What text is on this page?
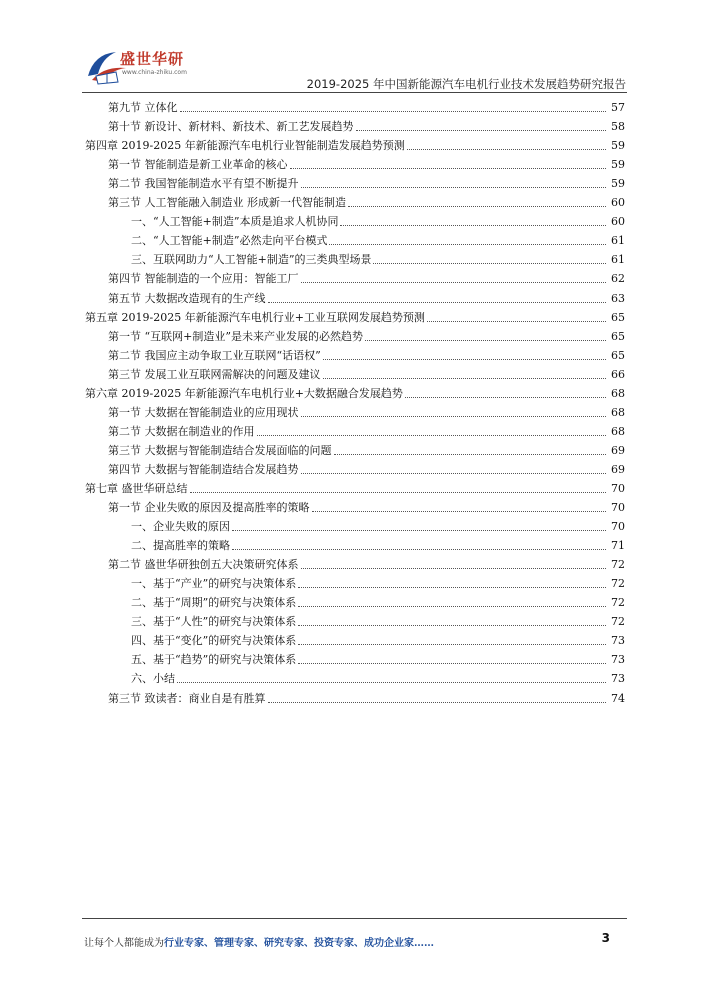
盛世华研
www.china-zhiku.com
2019-2025 年中国新能源汽车电机行业技术发展趋势研究报告
第九节 立体化	57
第十节 新设计、新材料、新技术、新工艺发展趋势	58
第四章 2019-2025 年新能源汽车电机行业智能制造发展趋势预测	59
第一节 智能制造是新工业革命的核心	59
第二节 我国智能制造水平有望不断提升	59
第三节 人工智能融入制造业 形成新一代智能制造	60
一、“人工智能+制造”本质是追求人机协同	60
二、“人工智能+制造”必然走向平台模式	61
三、互联网助力“人工智能+制造”的三类典型场景	61
第四节 智能制造的一个应用：智能工厂	62
第五节 大数据改造现有的生产线	63
第五章 2019-2025 年新能源汽车电机行业+工业互联网发展趋势预测	65
第一节 “互联网+制造业”是未来产业发展的必然趋势	65
第二节 我国应主动争取工业互联网“话语权”	65
第三节 发展工业互联网需解决的问题及建议	66
第六章 2019-2025 年新能源汽车电机行业+大数据融合发展趋势	68
第一节 大数据在智能制造业的应用现状	68
第二节 大数据在制造业的作用	68
第三节 大数据与智能制造结合发展面临的问题	69
第四节 大数据与智能制造结合发展趋势	69
第七章 盛世华研总结	70
第一节 企业失败的原因及提高胜率的策略	70
一、企业失败的原因	70
二、提高胜率的策略	71
第二节 盛世华研独创五大决策研究体系	72
一、基于“产业”的研究与决策体系	72
二、基于“周期”的研究与决策体系	72
三、基于“人性”的研究与决策体系	72
四、基于“变化”的研究与决策体系	73
五、基于“趋势”的研究与决策体系	73
六、小结	73
第三节 致读者：商业自是有胜算	74
让每个人都能成为行业专家、管理专家、研究专家、投资专家、成功企业家……	3
